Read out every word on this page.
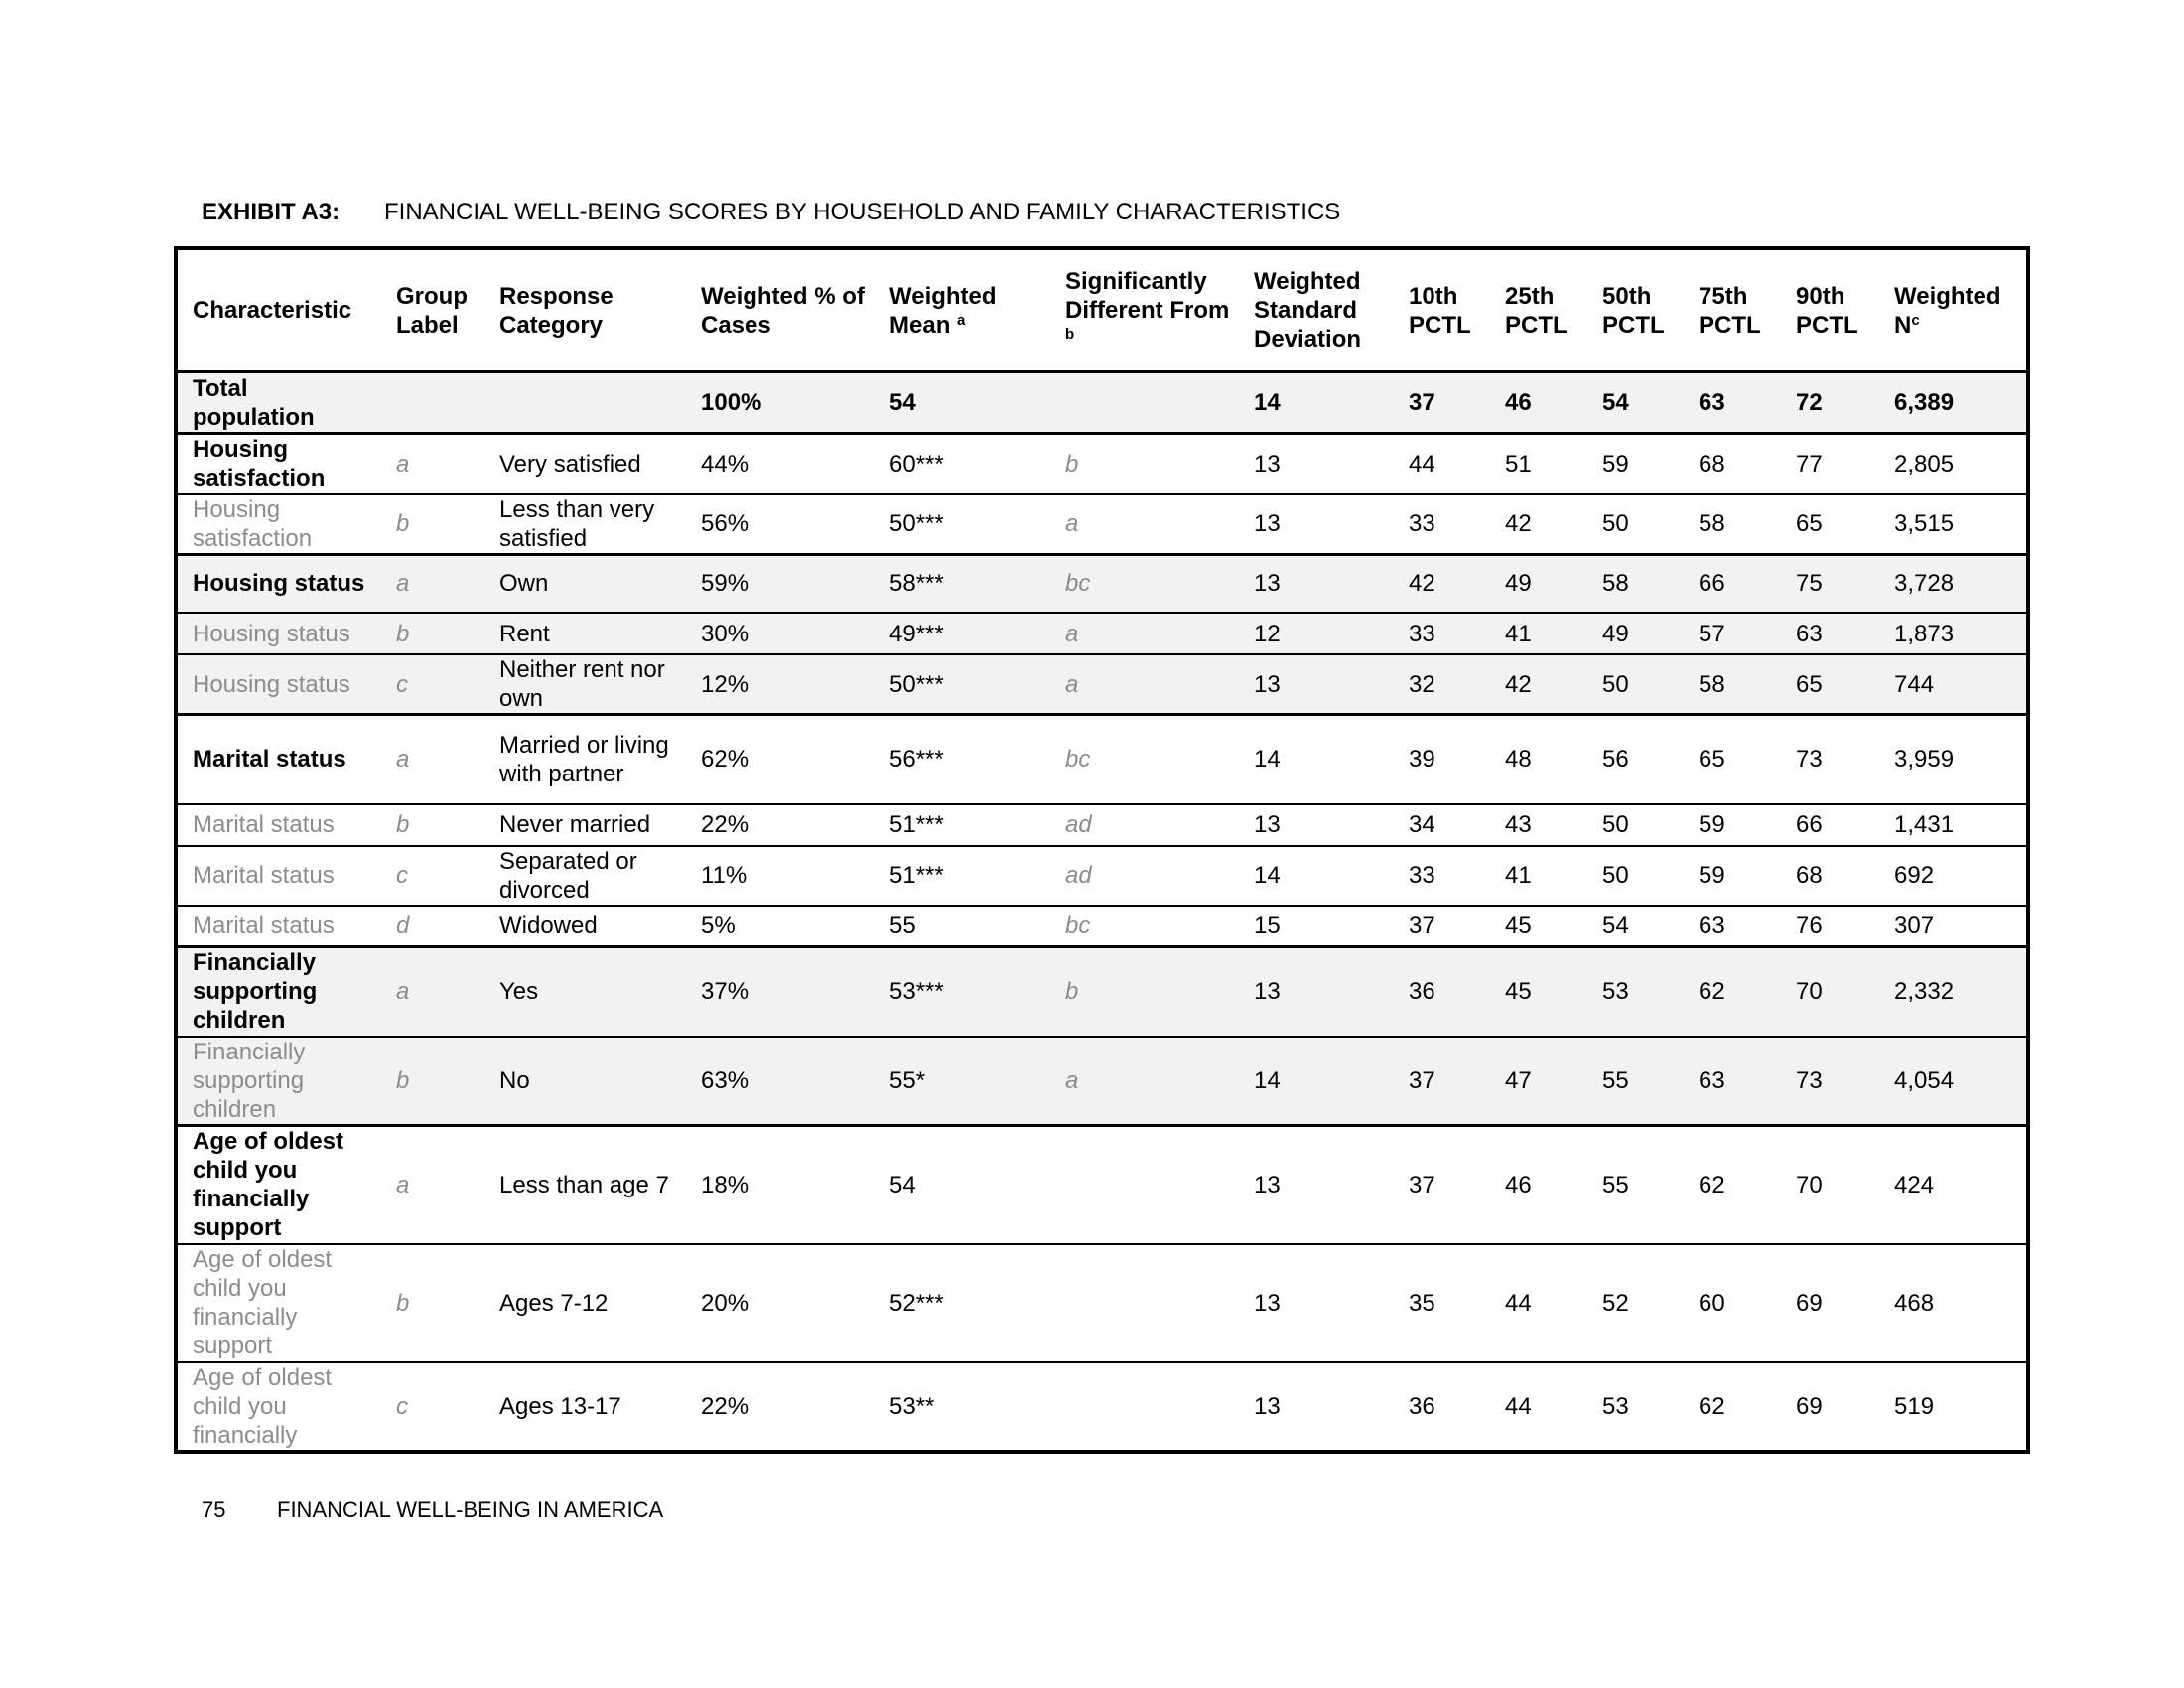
EXHIBIT A3: FINANCIAL WELL-BEING SCORES BY HOUSEHOLD AND FAMILY CHARACTERISTICS
Characteristic	Group Label	Response Category	Weighted % of Cases	Weighted Mean $^a$	Significantly Different From $^b$	Weighted Standard Deviation	10th PCTL	25th PCTL	50th PCTL	75th PCTL	90th PCTL	Weighted $N^c$
Total population			100%	54		14	37	46	54	63	72	6,389
Housing satisfaction	a	Very satisfied	44%	60***	b	13	44	51	59	68	77	2,805
Housing satisfaction	b	Less than very satisfied	56%	50***	a	13	33	42	50	58	65	3,515
Housing status	a	Own	59%	58***	bc	13	42	49	58	66	75	3,728
Housing status	b	Rent	30%	49***	a	12	33	41	49	57	63	1,873
Housing status	c	Neither rent nor own	12%	50***	a	13	32	42	50	58	65	744
Marital status	a	Married or living with partner	62%	56***	bc	14	39	48	56	65	73	3,959
Marital status	b	Never married	22%	51***	ad	13	34	43	50	59	66	1,431
Marital status	c	Separated or divorced	11%	51***	ad	14	33	41	50	59	68	692
Marital status	d	Widowed	5%	55	bc	15	37	45	54	63	76	307
Financially supporting children	a	Yes	37%	53***	b	13	36	45	53	62	70	2,332
Financially supporting children	b	No	63%	55*	a	14	37	47	55	63	73	4,054
Age of oldest child you financially support	a	Less than age 7	18%	54		13	37	46	55	62	70	424
Age of oldest child you financially support	b	Ages 7-12	20%	52***		13	35	44	52	60	69	468
Age of oldest child you financially	c	Ages 13-17	22%	53**		13	36	44	53	62	69	519
75 FINANCIAL WELL-BEING IN AMERICA
